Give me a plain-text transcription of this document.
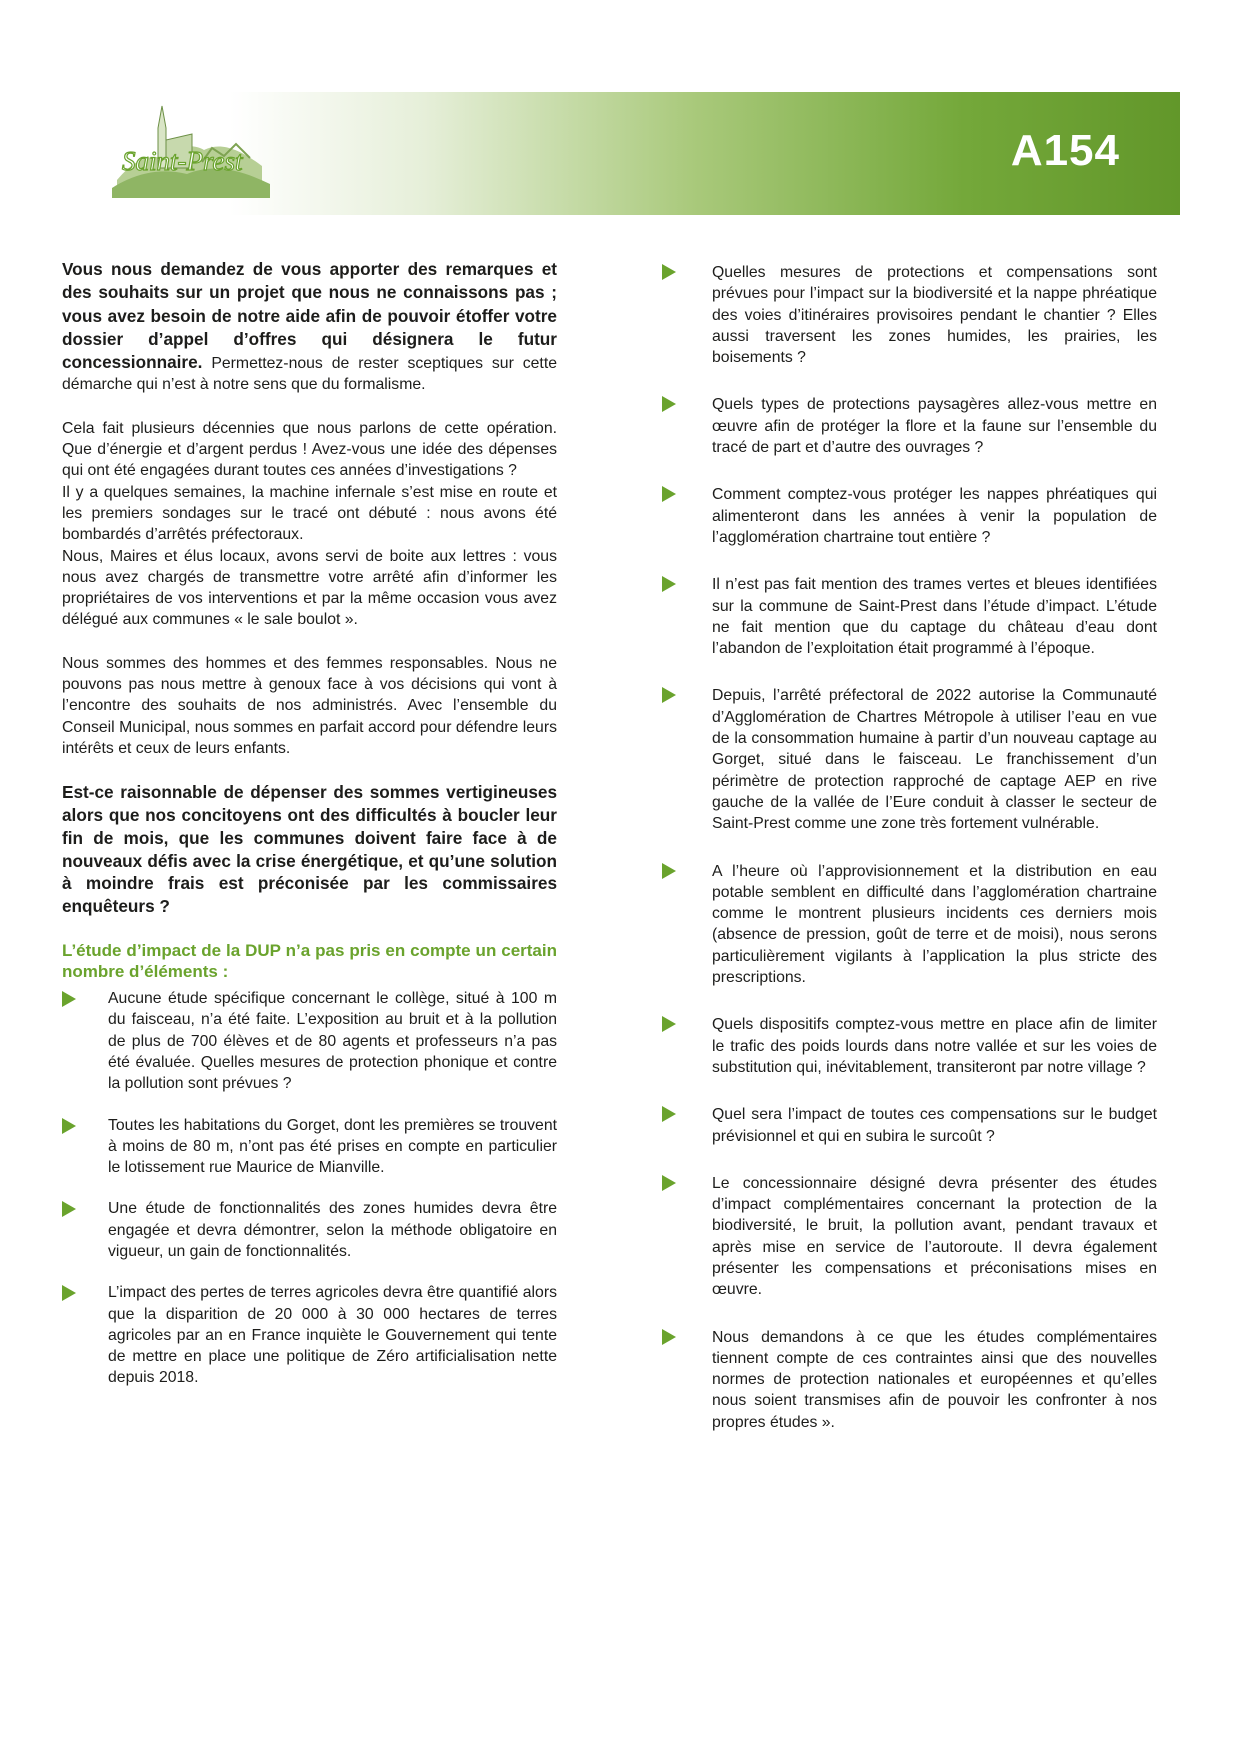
A154
Saint-Prest

Vous nous demandez de vous apporter des remarques et des souhaits sur un projet que nous ne connaissons pas ; vous avez besoin de notre aide afin de pouvoir étoffer votre dossier d’appel d’offres qui désignera le futur concessionnaire. Permettez-nous de rester sceptiques sur cette démarche qui n’est à notre sens que du formalisme.

Cela fait plusieurs décennies que nous parlons de cette opération. Que d’énergie et d’argent perdus ! Avez-vous une idée des dépenses qui ont été engagées durant toutes ces années d’investigations ?
Il y a quelques semaines, la machine infernale s’est mise en route et les premiers sondages sur le tracé ont débuté : nous avons été bombardés d’arrêtés préfectoraux.
Nous, Maires et élus locaux, avons servi de boite aux lettres : vous nous avez chargés de transmettre votre arrêté afin d’informer les propriétaires de vos interventions et par la même occasion vous avez délégué aux communes « le sale boulot ».

Nous sommes des hommes et des femmes responsables. Nous ne pouvons pas nous mettre à genoux face à vos décisions qui vont à l’encontre des souhaits de nos administrés. Avec l’ensemble du Conseil Municipal, nous sommes en parfait accord pour défendre leurs intérêts et ceux de leurs enfants.

Est-ce raisonnable de dépenser des sommes vertigineuses alors que nos concitoyens ont des difficultés à boucler leur fin de mois, que les communes doivent faire face à de nouveaux défis avec la crise énergétique, et qu’une solution à moindre frais est préconisée par les commissaires enquêteurs ?

L’étude d’impact de la DUP n’a pas pris en compte un certain nombre d’éléments :
Aucune étude spécifique concernant le collège, situé à 100 m du faisceau, n’a été faite. L’exposition au bruit et à la pollution de plus de 700 élèves et de 80 agents et professeurs n’a pas été évaluée. Quelles mesures de protection phonique et contre la pollution sont prévues ?
Toutes les habitations du Gorget, dont les premières se trouvent à moins de 80 m, n’ont pas été prises en compte en particulier le lotissement rue Maurice de Mianville.
Une étude de fonctionnalités des zones humides devra être engagée et devra démontrer, selon la méthode obligatoire en vigueur, un gain de fonctionnalités.
L’impact des pertes de terres agricoles devra être quantifié alors que la disparition de 20 000 à 30 000 hectares de terres agricoles par an en France inquiète le Gouvernement qui tente de mettre en place une politique de Zéro artificialisation nette depuis 2018.
Quelles mesures de protections et compensations sont prévues pour l’impact sur la biodiversité et la nappe phréatique des voies d’itinéraires provisoires pendant le chantier ? Elles aussi traversent les zones humides, les prairies, les boisements ?
Quels types de protections paysagères allez-vous mettre en œuvre afin de protéger la flore et la faune sur l’ensemble du tracé de part et d’autre des ouvrages ?
Comment comptez-vous protéger les nappes phréatiques qui alimenteront dans les années à venir la population de l’agglomération chartraine tout entière ?
Il n’est pas fait mention des trames vertes et bleues identifiées sur la commune de Saint-Prest dans l’étude d’impact. L’étude ne fait mention que du captage du château d’eau dont l’abandon de l’exploitation était programmé à l’époque.
Depuis, l’arrêté préfectoral de 2022 autorise la Communauté d’Agglomération de Chartres Métropole à utiliser l’eau en vue de la consommation humaine à partir d’un nouveau captage au Gorget, situé dans le faisceau. Le franchissement d’un périmètre de protection rapproché de captage AEP en rive gauche de la vallée de l’Eure conduit à classer le secteur de Saint-Prest comme une zone très fortement vulnérable.
A l’heure où l’approvisionnement et la distribution en eau potable semblent en difficulté dans l’agglomération chartraine comme le montrent plusieurs incidents ces derniers mois (absence de pression, goût de terre et de moisi), nous serons particulièrement vigilants à l’application la plus stricte des prescriptions.
Quels dispositifs comptez-vous mettre en place afin de limiter le trafic des poids lourds dans notre vallée et sur les voies de substitution qui, inévitablement, transiteront par notre village ?
Quel sera l’impact de toutes ces compensations sur le budget prévisionnel et qui en subira le surcoût ?
Le concessionnaire désigné devra présenter des études d’impact complémentaires concernant la protection de la biodiversité, le bruit, la pollution avant, pendant travaux et après mise en service de l’autoroute. Il devra également présenter les compensations et préconisations mises en œuvre.
Nous demandons à ce que les études complémentaires tiennent compte de ces contraintes ainsi que des nouvelles normes de protection nationales et européennes et qu’elles nous soient transmises afin de pouvoir les confronter à nos propres études ».
